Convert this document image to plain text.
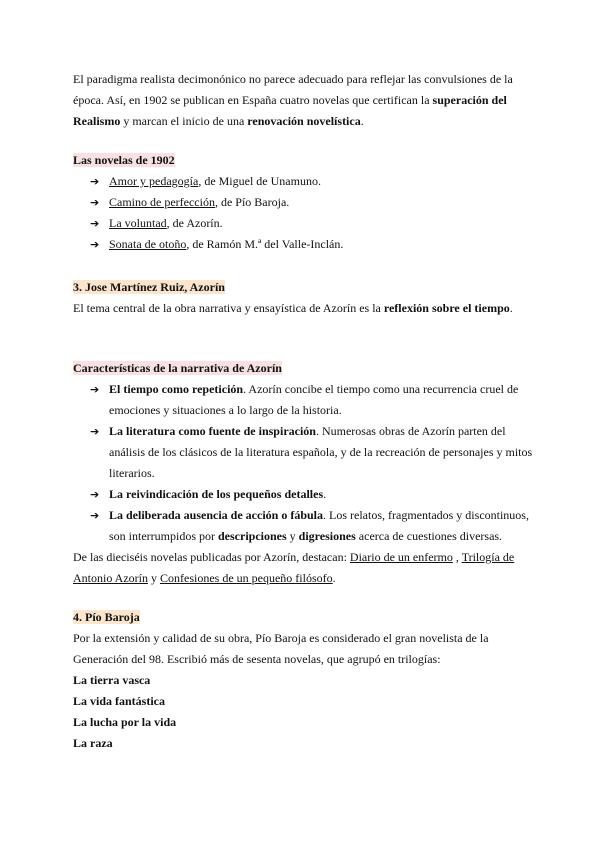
El paradigma realista decimonónico no parece adecuado para reflejar las convulsiones de la época. Así, en 1902 se publican en España cuatro novelas que certifican la superación del Realismo y marcan el inicio de una renovación novelística.

Las novelas de 1902

➔ Amor y pedagogía, de Miguel de Unamuno.
➔ Camino de perfección, de Pío Baroja.
➔ La voluntad, de Azorín.
➔ Sonata de otoño, de Ramón M.ª del Valle-Inclán.

3. Jose Martínez Ruiz, Azorín

El tema central de la obra narrativa y ensayística de Azorín es la reflexión sobre el tiempo.

Características de la narrativa de Azorín

➔ El tiempo como repetición. Azorín concibe el tiempo como una recurrencia cruel de emociones y situaciones a lo largo de la historia.
➔ La literatura como fuente de inspiración. Numerosas obras de Azorín parten del análisis de los clásicos de la literatura española, y de la recreación de personajes y mitos literarios.
➔ La reivindicación de los pequeños detalles.
➔ La deliberada ausencia de acción o fábula. Los relatos, fragmentados y discontinuos, son interrumpidos por descripciones y digresiones acerca de cuestiones diversas.

De las dieciséis novelas publicadas por Azorín, destacan: Diario de un enfermo , Trilogía de Antonio Azorín y Confesiones de un pequeño filósofo.

4. Pío Baroja

Por la extensión y calidad de su obra, Pío Baroja es considerado el gran novelista de la Generación del 98. Escribió más de sesenta novelas, que agrupó en trilogías:

La tierra vasca

La vida fantástica

La lucha por la vida

La raza
